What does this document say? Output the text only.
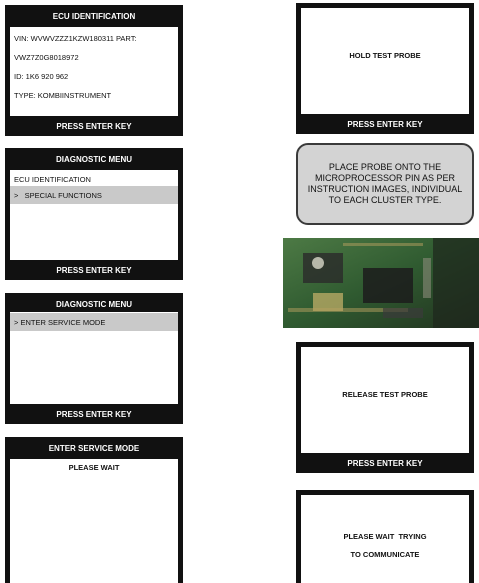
ECU IDENTIFICATION
VIN: WVWVZZZ1KZW180311 PART:
VWZ7Z0G8018972
ID: 1K6 920 962
TYPE: KOMBIINSTRUMENT
PRESS ENTER KEY
DIAGNOSTIC MENU
ECU IDENTIFICATION
>   SPECIAL FUNCTIONS
PRESS ENTER KEY
DIAGNOSTIC MENU
> ENTER SERVICE MODE
PRESS ENTER KEY
ENTER SERVICE MODE
PLEASE WAIT
HOLD TEST PROBE
PRESS ENTER KEY
PLACE PROBE ONTO THE MICROPROCESSOR PIN AS PER INSTRUCTION IMAGES, INDIVIDUAL TO EACH CLUSTER TYPE.
RELEASE TEST PROBE
PRESS ENTER KEY
PLEASE WAIT  TRYING
TO COMMUNICATE
